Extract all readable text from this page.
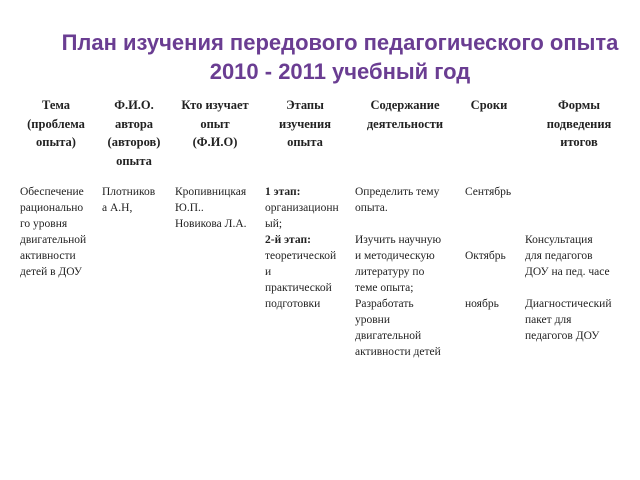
План изучения передового педагогического опыта
2010 - 2011 учебный год
Тема
(проблема
опыта)
Ф.И.О.
автора
(авторов)
опыта
Кто изучает
опыт
(Ф.И.О)
Этапы
изучения
опыта
Содержание
деятельности
Сроки	Формы
подведения
итогов
Обеспечение
рациональнo
го уровня
двигательной
активности
детей в ДОУ
Плотников
а А.Н,
Кропивницкая
Ю.П..
Новикова Л.А.
1 этап:
организационн
ый;
2-й этап:
теоретической
и
практической
подготовки
Определить тему
опыта.
Изучить научную
и методическую
литературу по
теме опыта;
Разработать
уровни
двигательной
активности детей
Сентябрь
Октябрь
ноябрь
Консультация
для педагогов
ДОУ на пед. часе
Диагностический
пакет для
педагогов ДОУ
